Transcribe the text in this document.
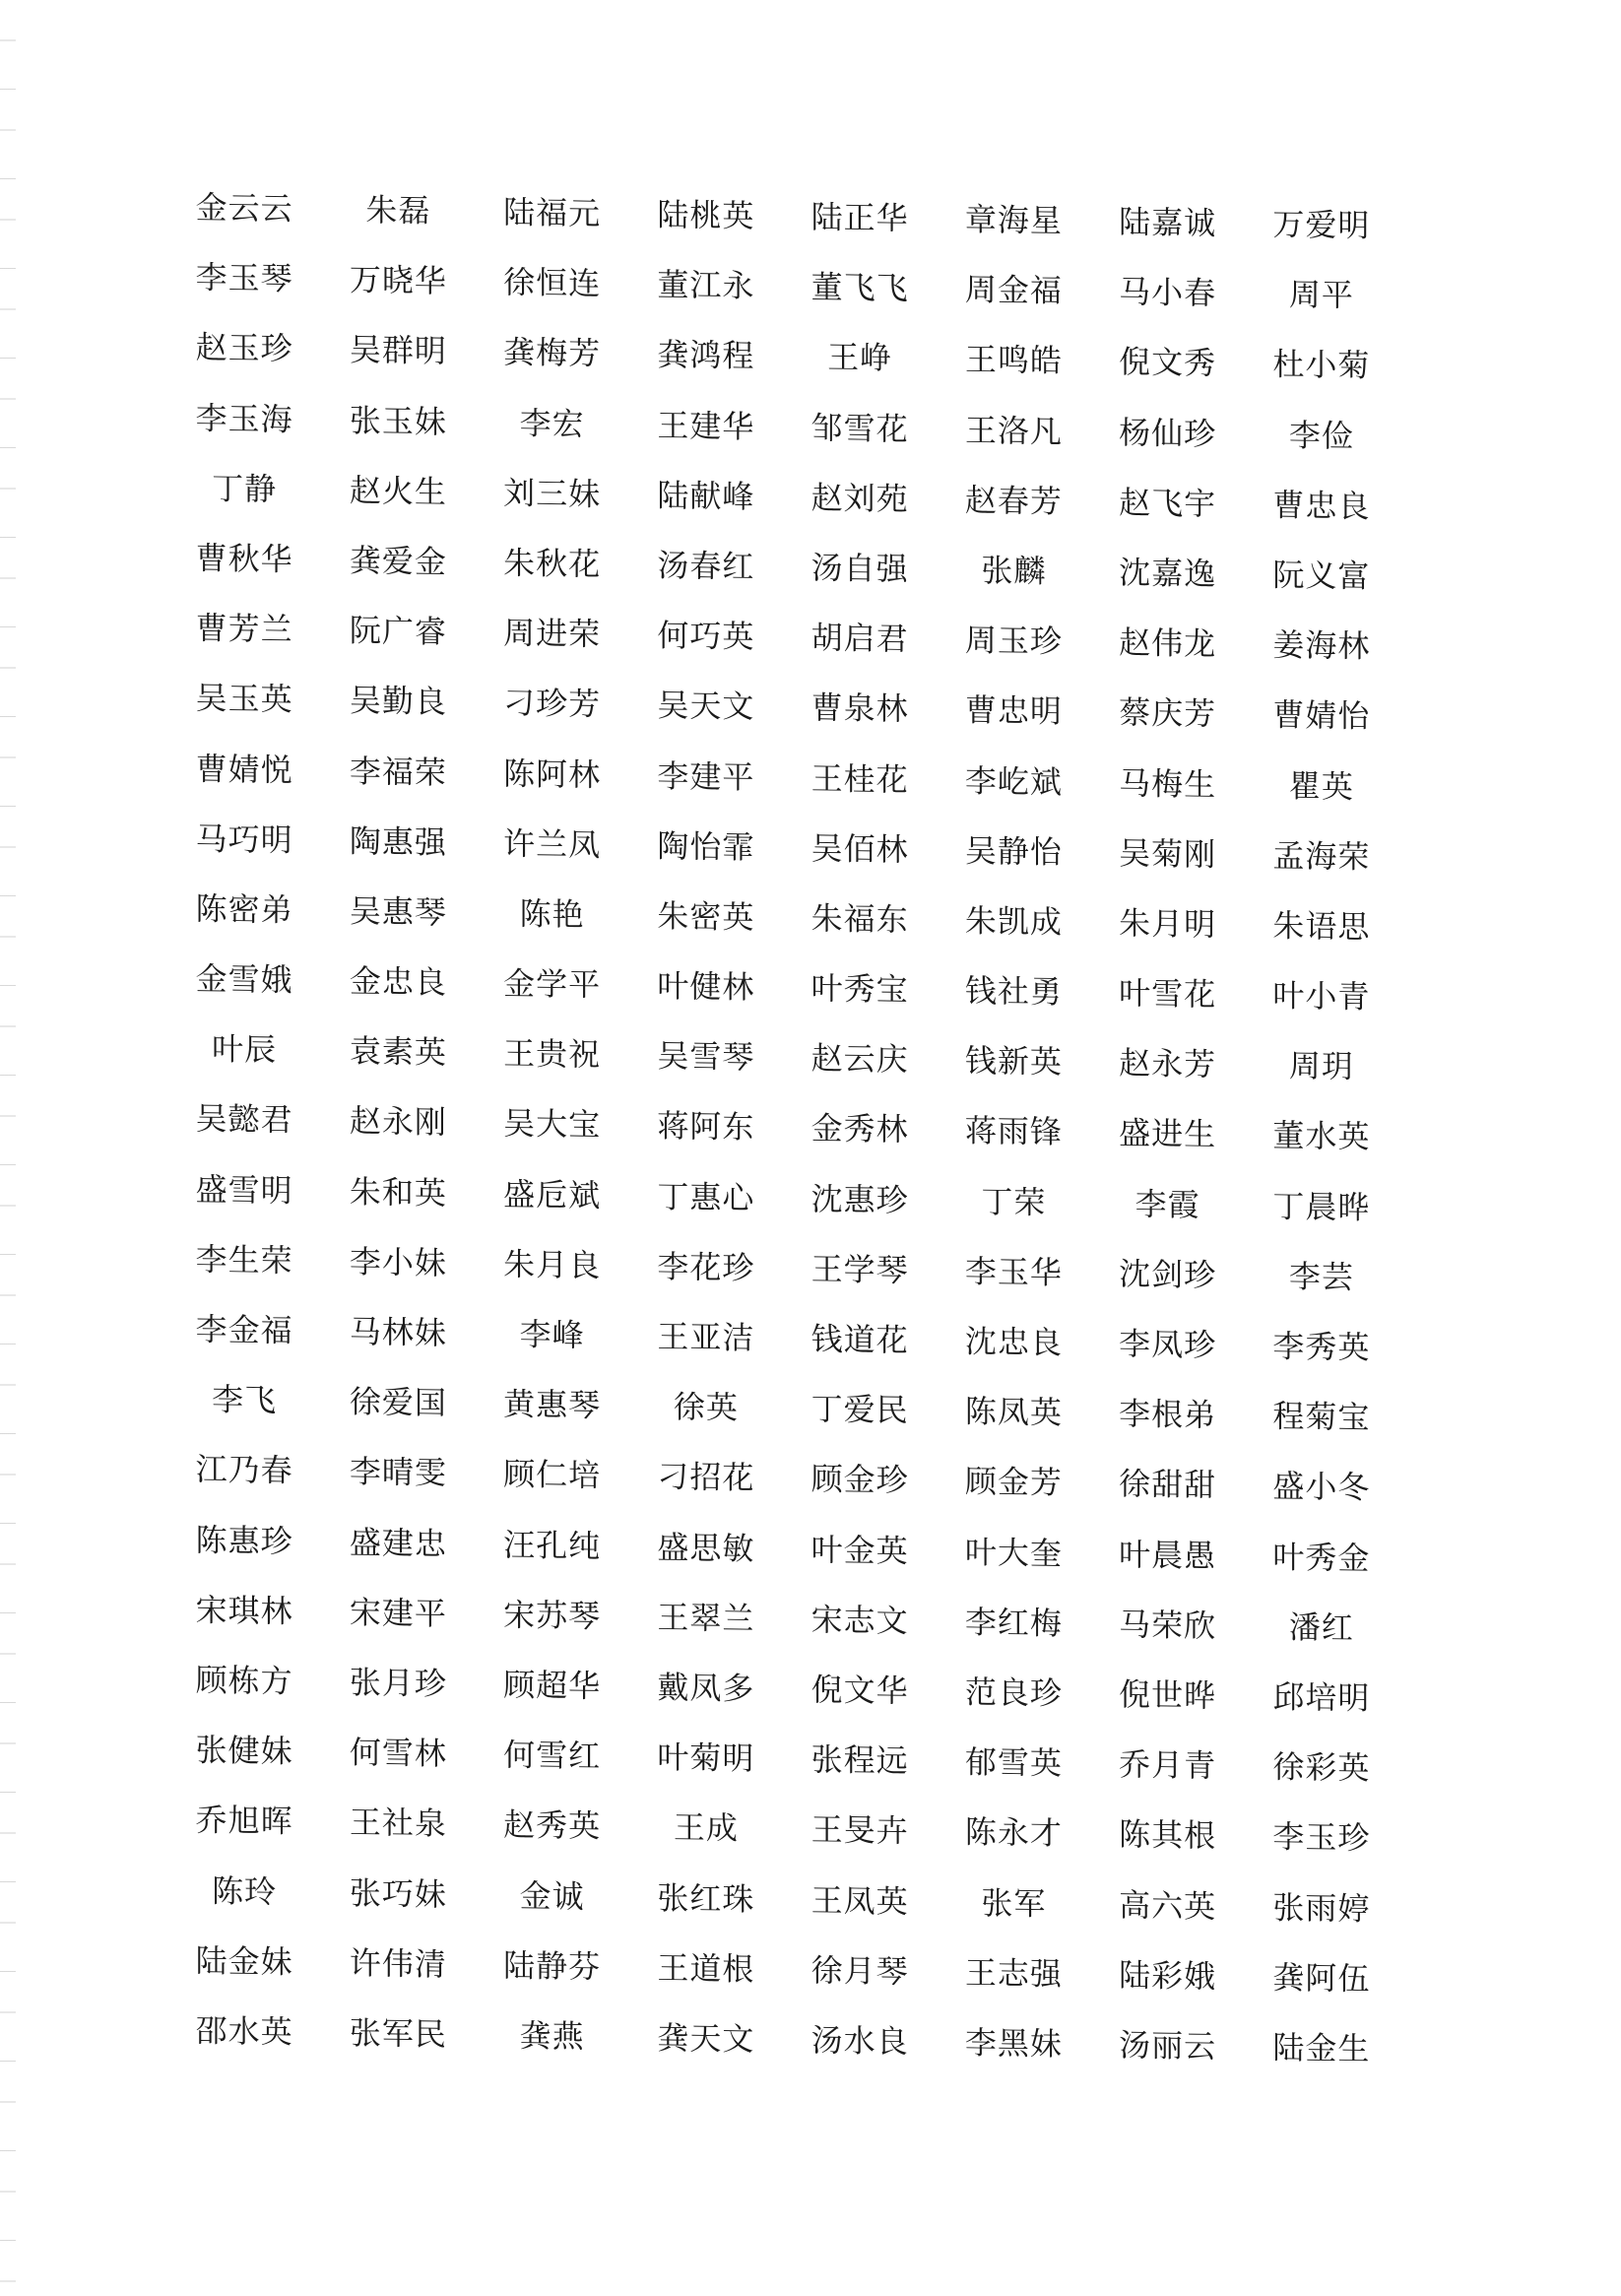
金云云	朱磊	陆福元	陆桃英	陆正华	章海星	陆嘉诚	万爱明
李玉琴	万晓华	徐恒连	董江永	董飞飞	周金福	马小春	周平
赵玉珍	吴群明	龚梅芳	龚鸿程	王峥	王鸣皓	倪文秀	杜小菊
李玉海	张玉妹	李宏	王建华	邹雪花	王洛凡	杨仙珍	李俭
丁静	赵火生	刘三妹	陆献峰	赵刘苑	赵春芳	赵飞宇	曹忠良
曹秋华	龚爱金	朱秋花	汤春红	汤自强	张麟	沈嘉逸	阮义富
曹芳兰	阮广睿	周进荣	何巧英	胡启君	周玉珍	赵伟龙	姜海林
吴玉英	吴勤良	刁珍芳	吴天文	曹泉林	曹忠明	蔡庆芳	曹婧怡
曹婧悦	李福荣	陈阿林	李建平	王桂花	李屹斌	马梅生	瞿英
马巧明	陶惠强	许兰凤	陶怡霏	吴佰林	吴静怡	吴菊刚	孟海荣
陈密弟	吴惠琴	陈艳	朱密英	朱福东	朱凯成	朱月明	朱语思
金雪娥	金忠良	金学平	叶健林	叶秀宝	钱社勇	叶雪花	叶小青
叶辰	袁素英	王贵祝	吴雪琴	赵云庆	钱新英	赵永芳	周玥
吴懿君	赵永刚	吴大宝	蒋阿东	金秀林	蒋雨锋	盛进生	董水英
盛雪明	朱和英	盛卮斌	丁惠心	沈惠珍	丁荣	李霞	丁晨晔
李生荣	李小妹	朱月良	李花珍	王学琴	李玉华	沈剑珍	李芸
李金福	马林妹	李峰	王亚洁	钱道花	沈忠良	李凤珍	李秀英
李飞	徐爱国	黄惠琴	徐英	丁爱民	陈凤英	李根弟	程菊宝
江乃春	李晴雯	顾仁培	刁招花	顾金珍	顾金芳	徐甜甜	盛小冬
陈惠珍	盛建忠	汪孔纯	盛思敏	叶金英	叶大奎	叶晨愚	叶秀金
宋琪林	宋建平	宋苏琴	王翠兰	宋志文	李红梅	马荣欣	潘红
顾栋方	张月珍	顾超华	戴凤多	倪文华	范良珍	倪世晔	邱培明
张健妹	何雪林	何雪红	叶菊明	张程远	郁雪英	乔月青	徐彩英
乔旭晖	王社泉	赵秀英	王成	王旻卉	陈永才	陈其根	李玉珍
陈玲	张巧妹	金诚	张红珠	王凤英	张军	高六英	张雨婷
陆金妹	许伟清	陆静芬	王道根	徐月琴	王志强	陆彩娥	龚阿伍
邵水英	张军民	龚燕	龚天文	汤水良	李黑妹	汤丽云	陆金生
